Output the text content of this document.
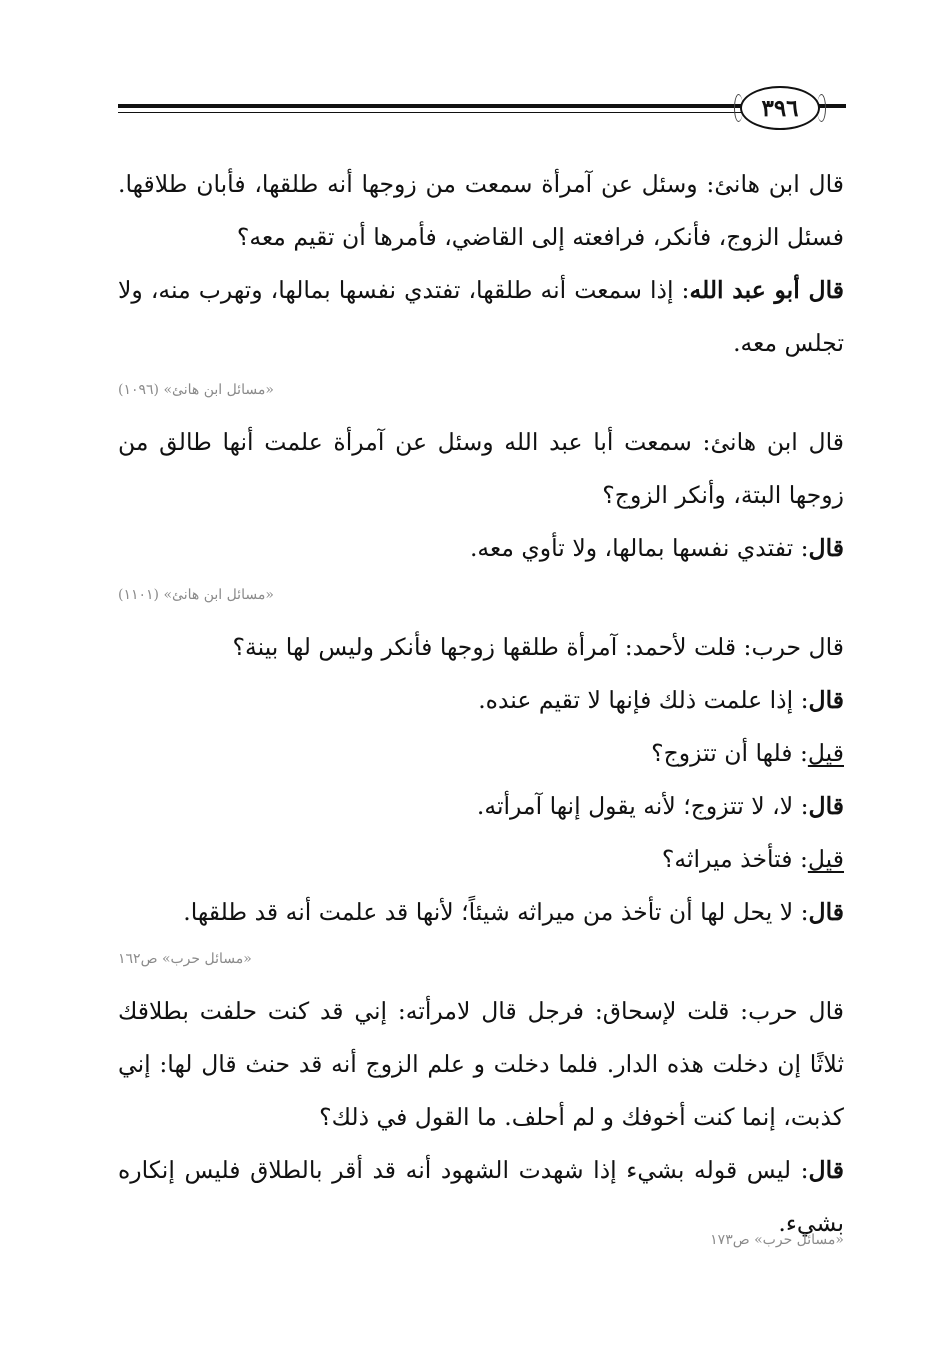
٣٩٦

قال ابن هانئ: وسئل عن آمرأة سمعت من زوجها أنه طلقها، فأبان طلاقها. فسئل الزوج، فأنكر، فرافعته إلى القاضي، فأمرها أن تقيم معه؟

قال أبو عبد الله: إذا سمعت أنه طلقها، تفتدي نفسها بمالها، وتهرب منه، ولا تجلس معه.

«مسائل ابن هانئ» (١٠٩٦)

قال ابن هانئ: سمعت أبا عبد الله وسئل عن آمرأة علمت أنها طالق من زوجها البتة، وأنكر الزوج؟

قال: تفتدي نفسها بمالها، ولا تأوي معه.

«مسائل ابن هانئ» (١١٠١)

قال حرب: قلت لأحمد: آمرأة طلقها زوجها فأنكر وليس لها بينة؟

قال: إذا علمت ذلك فإنها لا تقيم عنده.

قيل: فلها أن تتزوج؟

قال: لا، لا تتزوج؛ لأنه يقول إنها آمرأته.

قيل: فتأخذ ميراثه؟

قال: لا يحل لها أن تأخذ من ميراثه شيئاً؛ لأنها قد علمت أنه قد طلقها.

«مسائل حرب» ص١٦٢

قال حرب: قلت لإسحاق: فرجل قال لامرأته: إني قد كنت حلفت بطلاقك ثلاثًا إن دخلت هذه الدار. فلما دخلت و علم الزوج أنه قد حنث قال لها: إني كذبت، إنما كنت أخوفك و لم أحلف. ما القول في ذلك؟

قال: ليس قوله بشيء إذا شهدت الشهود أنه قد أقر بالطلاق فليس إنكاره بشيء.

«مسائل حرب» ص١٧٣
